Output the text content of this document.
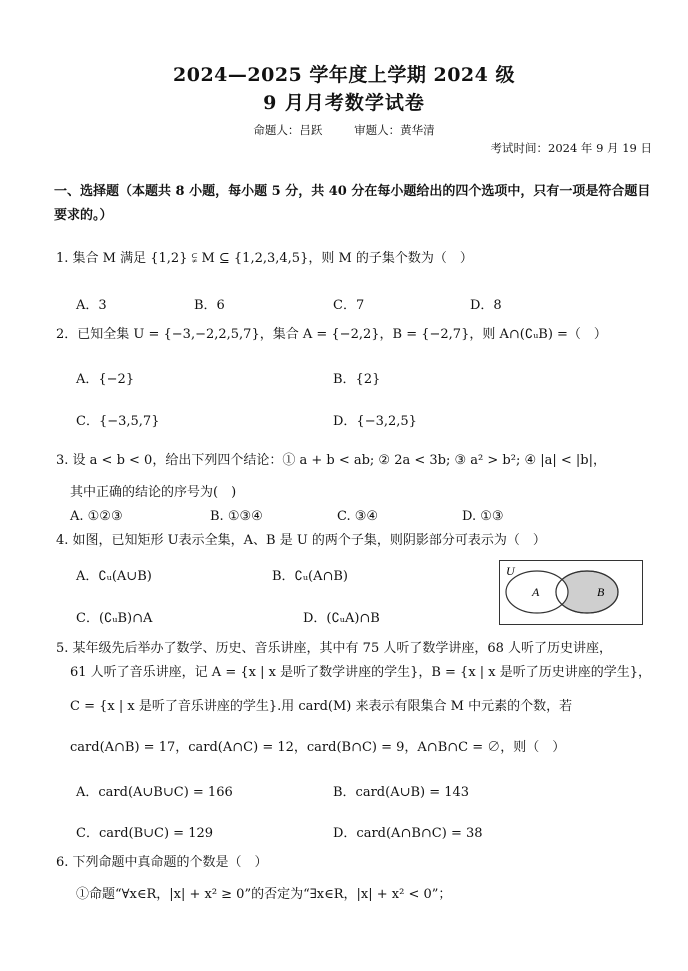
2024—2025 学年度上学期 2024 级
9 月月考数学试卷
命题人：吕跃	审题人：黄华清
考试时间：2024 年 9 月 19 日
一、选择题（本题共 8 小题，每小题 5 分，共 40 分在每小题给出的四个选项中，只有一项是符合题目要求的。）
1. 集合 M 满足 {1,2} ⫋ M ⊆ {1,2,3,4,5}，则 M 的子集个数为（　）
A．3	B．6	C．7	D．8
2．已知全集 U = {−3,−2,2,5,7}，集合 A = {−2,2}，B = {−2,7}，则 A∩(∁ᵤB) =（　）
A．{−2}	B．{2}
C．{−3,5,7}	D．{−3,2,5}
3. 设 a < b < 0，给出下列四个结论：① a + b < ab; ② 2a < 3b; ③ a² > b²; ④ |a| < |b|，
其中正确的结论的序号为(　)
A. ①②③	B. ①③④	C. ③④	D. ①③
4. 如图，已知矩形 U表示全集，A、B 是 U 的两个子集，则阴影部分可表示为（　）
A．∁ᵤ(A∪B)	B．∁ᵤ(A∩B)
C．(∁ᵤB)∩A	D．(∁ᵤA)∩B
U
A	B
5. 某年级先后举办了数学、历史、音乐讲座，其中有 75 人听了数学讲座，68 人听了历史讲座，
61 人听了音乐讲座，记 A = {x | x 是听了数学讲座的学生}，B = {x | x 是听了历史讲座的学生}，
C = {x | x 是听了音乐讲座的学生}.用 card(M) 来表示有限集合 M 中元素的个数，若
card(A∩B) = 17，card(A∩C) = 12，card(B∩C) = 9，A∩B∩C = ∅，则（　）
A．card(A∪B∪C) = 166	B．card(A∪B) = 143
C．card(B∪C) = 129	D．card(A∩B∩C) = 38
6. 下列命题中真命题的个数是（　）
①命题“∀x∈R，|x| + x² ≥ 0”的否定为“∃x∈R，|x| + x² < 0”；
